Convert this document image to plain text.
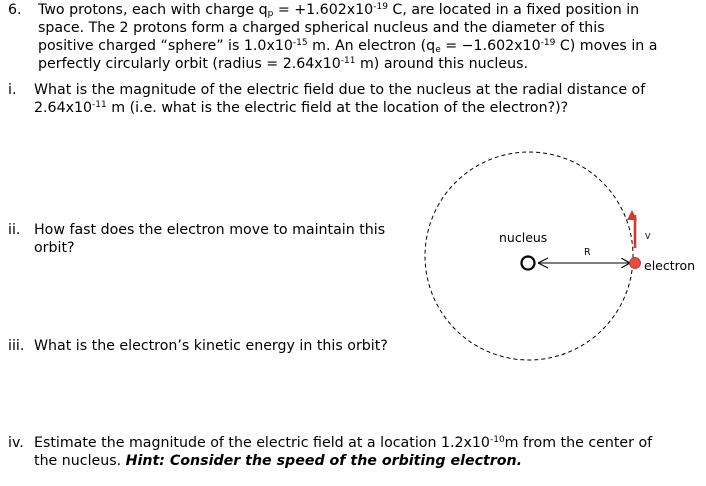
6. Two protons, each with charge $q_p = +1.602x10^{-19}$ C, are located in a fixed position in
space. The 2 protons form a charged spherical nucleus and the diameter of this
positive charged “sphere” is $1.0x10^{-15}$ m. An electron ($q_e = -1.602x10^{-19}$ C) moves in a
perfectly circularly orbit (radius = $2.64x10^{-11}$ m) around this nucleus.
i. What is the magnitude of the electric field due to the nucleus at the radial distance of
$2.64x10^{-11}$ m (i.e. what is the electric field at the location of the electron?)?
ii. How fast does the electron move to maintain this
orbit?
iii. What is the electron’s kinetic energy in this orbit?
iv. Estimate the magnitude of the electric field at a location $1.2x10^{-10}m$ from the center of
the nucleus. Hint: Consider the speed of the orbiting electron.
nucleus
R
V
electron
